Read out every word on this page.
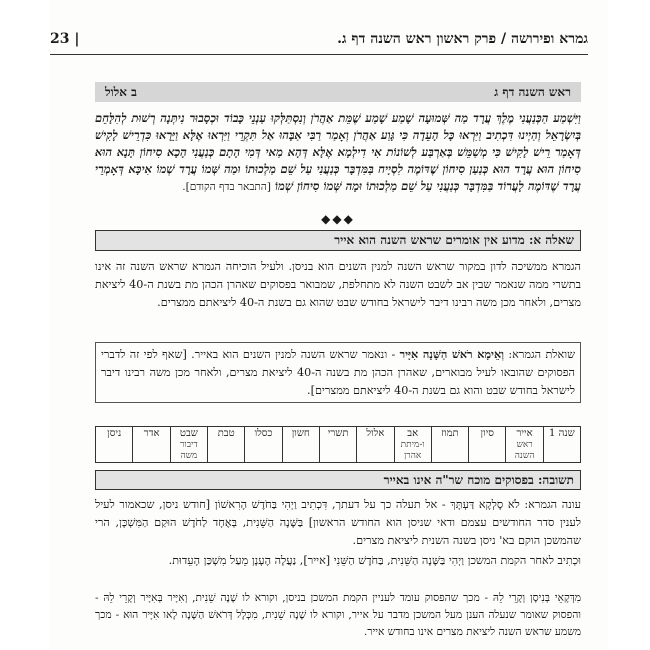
גמרא ופירושה / פרק ראשון ראש השנה דף ג.
23 |
ראש השנה דף ג
ב אלול

וַיִּשְׁמַע הַכְּנַעֲנִי מֶלֶךְ עֲרָד מַה שְּׁמוּעָה שָׁמַע שָׁמַע שֶׁמֵּת אַהֲרֹן וְנִסְתַּלְּקוּ עַנְנֵי כָּבוֹד וּכְסָבוּר נִיתְּנָה רְשׁוּת לְהִלָּחֵם בְּיִשְׂרָאֵל וְהַיְינוּ דִּכְתִיב וַיִּרְאוּ כָּל הָעֵדָה כִּי גָּוַע אַהֲרֹן וְאָמַר רַבִּי אַבָּהוּ אַל תִּקְרֵי וַיִּרְאוּ אֶלָּא וַיֵּרָאוּ כִּדְרֵישׁ לָקִישׁ דְּאָמַר רֵישׁ לָקִישׁ כִּי מְשַׁמֵּשׁ בְּאַרְבַּע לְשׁוֹנוֹת אִי דִילְמָא אֶלָּא דְּהָא מַאי דְּמִי הָתָם כְּנַעֲנִי הָכָא סִיחוֹן תָּנָא הוּא סִיחוֹן הוּא עֲרָד הוּא כְּנַעַן סִיחוֹן שֶׁדּוֹמֶה לִסְיָיח בַּמִּדְבָּר כְּנַעֲנִי עַל שֵׁם מַלְכוּתוֹ וּמַה שְּׁמוֹ עֲרָד שְׁמוֹ אִיכָּא דְּאָמְרֵי עֲרָד שֶׁדּוֹמֶה לָעֲרוֹד בַּמִּדְבָּר כְּנַעֲנִי עַל שֵׁם מַלְכוּתוֹ וּמָה שְּׁמוֹ סִיחוֹן שְׁמוֹ [התבאר בדף הקודם].

◆◆◆
שאלה א: מדוע אין אומרים שראש השנה הוא אייר

הגמרא ממשיכה לדון במקור שראש השנה למנין השנים הוא בניסן. ולעיל הוכיחה הגמרא שראש השנה זה אינו בתשרי ממה שנאמר שבין אב לשבט השנה לא מתחלפת, שמבואר בפסוקים שאהרן הכהן מת בשנת ה-40 ליציאת מצרים, ולאחר מכן משה רבינו דיבר לישראל בחודש שבט שהוא גם בשנת ה-40 ליציאתם ממצרים.

שואלת הגמרא: וְאֵימָא רֹאשׁ הַשָּׁנָה אִיָּיר - ונאמר שראש השנה למנין השנים הוא באייר. [שאף לפי זה לדברי הפסוקים שהובאו לעיל מבוארים, שאהרן הכהן מת בשנה ה-40 ליציאת מצרים, ולאחר מכן משה רבינו דיבר לישראל בחודש שבט והוא גם בשנת ה-40 ליציאתם ממצרים].

שנה 1
	אייר
ראש השנה
	סיון
	תמוז
	אב
ו-מיתת אהרן
	אלול
	תשרי
	חשון
	כסלו
	טבת
	שבט
דיבור משה
	אדר
	ניסן
תשובה: בפסוקים מוכח שר"ה אינו באייר

עונה הגמרא: לֹא סָלְקָא דַּעְתָּךְ - אל תעלה כך על דעתך, דִּכְתִיב וַיְהִי בַּחֹדֶשׁ הָרִאשׁוֹן [חודש ניסן, שכאמור לעיל לענין סדר החודשים עצמם ודאי שניסן הוא החודש הראשון] בַּשָּׁנָה הַשֵּׁנִית, בְּאֶחָד לַחֹדֶשׁ הוּקַם הַמִּשְׁכָּן, הרי שהמשכן הוקם בא' ניסן בשנה השנית ליציאת מצרים.

וּכְתִיב לאחר הקמת המשכן וַיְהִי בַּשָּׁנָה הַשֵּׁנִית, בַּחֹדֶשׁ הַשֵּׁנִי [אייר], נַעֲלָה הֶעָנָן מֵעַל מִשְׁכַּן הָעֵדוּת.

מִדְּקָאֵי בְּנִיסָן וְקָרֵי לֵהּ - מכך שהפסוק עומד לעניין הקמת המשכן בניסן, וקורא לו שָׁנָה שֵׁנִית, וְאִיָּיר בְּאִיָּיר וְקָרֵי לֵהּ - והפסוק שאומר שנעלה הענן מעל המשכן מדבר על אייר, וקורא לו שָׁנָה שֵׁנִית, מִכְּלָל דְּרֹאשׁ הַשָּׁנָה לָאו אִיָּיר הוּא - מכך משמע שראש השנה ליציאת מצרים אינו בחודש אייר.
